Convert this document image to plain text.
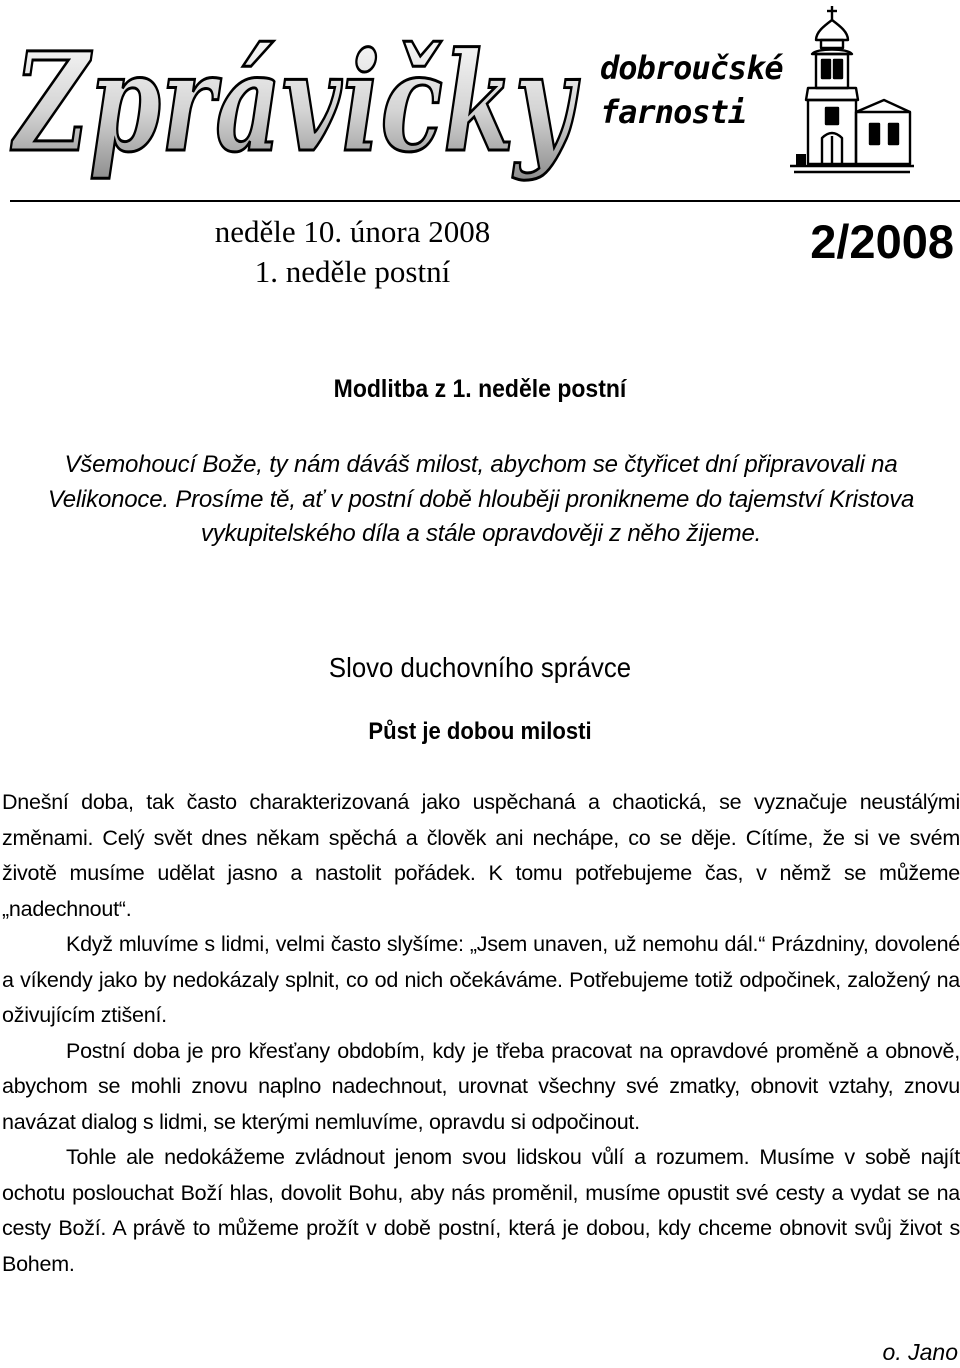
Zprávičky dobroučské
farnosti
neděle 10. února 2008
1. neděle postní
2/2008
Modlitba z 1. neděle postní
Všemohoucí Bože, ty nám dáváš milost, abychom se čtyřicet dní připravovali na Velikonoce. Prosíme tě, ať v postní době hlouběji pronikneme do tajemství Kristova vykupitelského díla a stále opravdověji z něho žijeme.
Slovo duchovního správce
Půst je dobou milosti

Dnešní doba, tak často charakterizovaná jako uspěchaná a chaotická, se vyznačuje neustálými změnami. Celý svět dnes někam spěchá a člověk ani nechápe, co se děje. Cítíme, že si ve svém životě musíme udělat jasno a nastolit pořádek. K tomu potřebujeme čas, v němž se můžeme „nadechnout“.

Když mluvíme s lidmi, velmi často slyšíme: „Jsem unaven, už nemohu dál.“ Prázdniny, dovolené a víkendy jako by nedokázaly splnit, co od nich očekáváme. Potřebujeme totiž odpočinek, založený na oživujícím ztišení.

Postní doba je pro křesťany obdobím, kdy je třeba pracovat na opravdové proměně a obnově, abychom se mohli znovu naplno nadechnout, urovnat všechny své zmatky, obnovit vztahy, znovu navázat dialog s lidmi, se kterými nemluvíme, opravdu si odpočinout.

Tohle ale nedokážeme zvládnout jenom svou lidskou vůlí a rozumem. Musíme v sobě najít ochotu poslouchat Boží hlas, dovolit Bohu, aby nás proměnil, musíme opustit své cesty a vydat se na cesty Boží. A právě to můžeme prožít v době postní, která je dobou, kdy chceme obnovit svůj život s Bohem.

o. Jano
